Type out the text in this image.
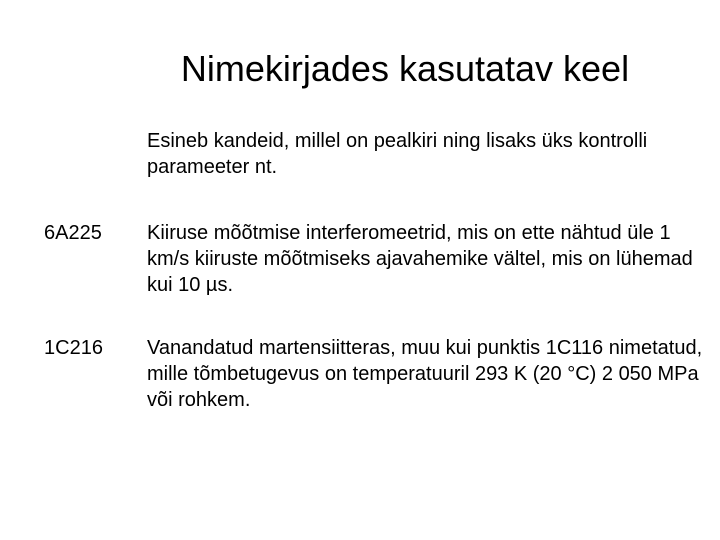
Nimekirjades kasutatav keel
Esineb kandeid, millel on pealkiri ning lisaks üks kontrolli parameeter nt.
6A225 Kiiruse mõõtmise interferomeetrid, mis on ette nähtud üle 1 km/s kiiruste mõõtmiseks ajavahemike vältel, mis on lühemad kui 10 µs.
1C216 Vanandatud martensiitteras, muu kui punktis 1C116 nimetatud, mille tõmbetugevus on temperatuuril 293 K (20 °C) 2 050 MPa või rohkem.
